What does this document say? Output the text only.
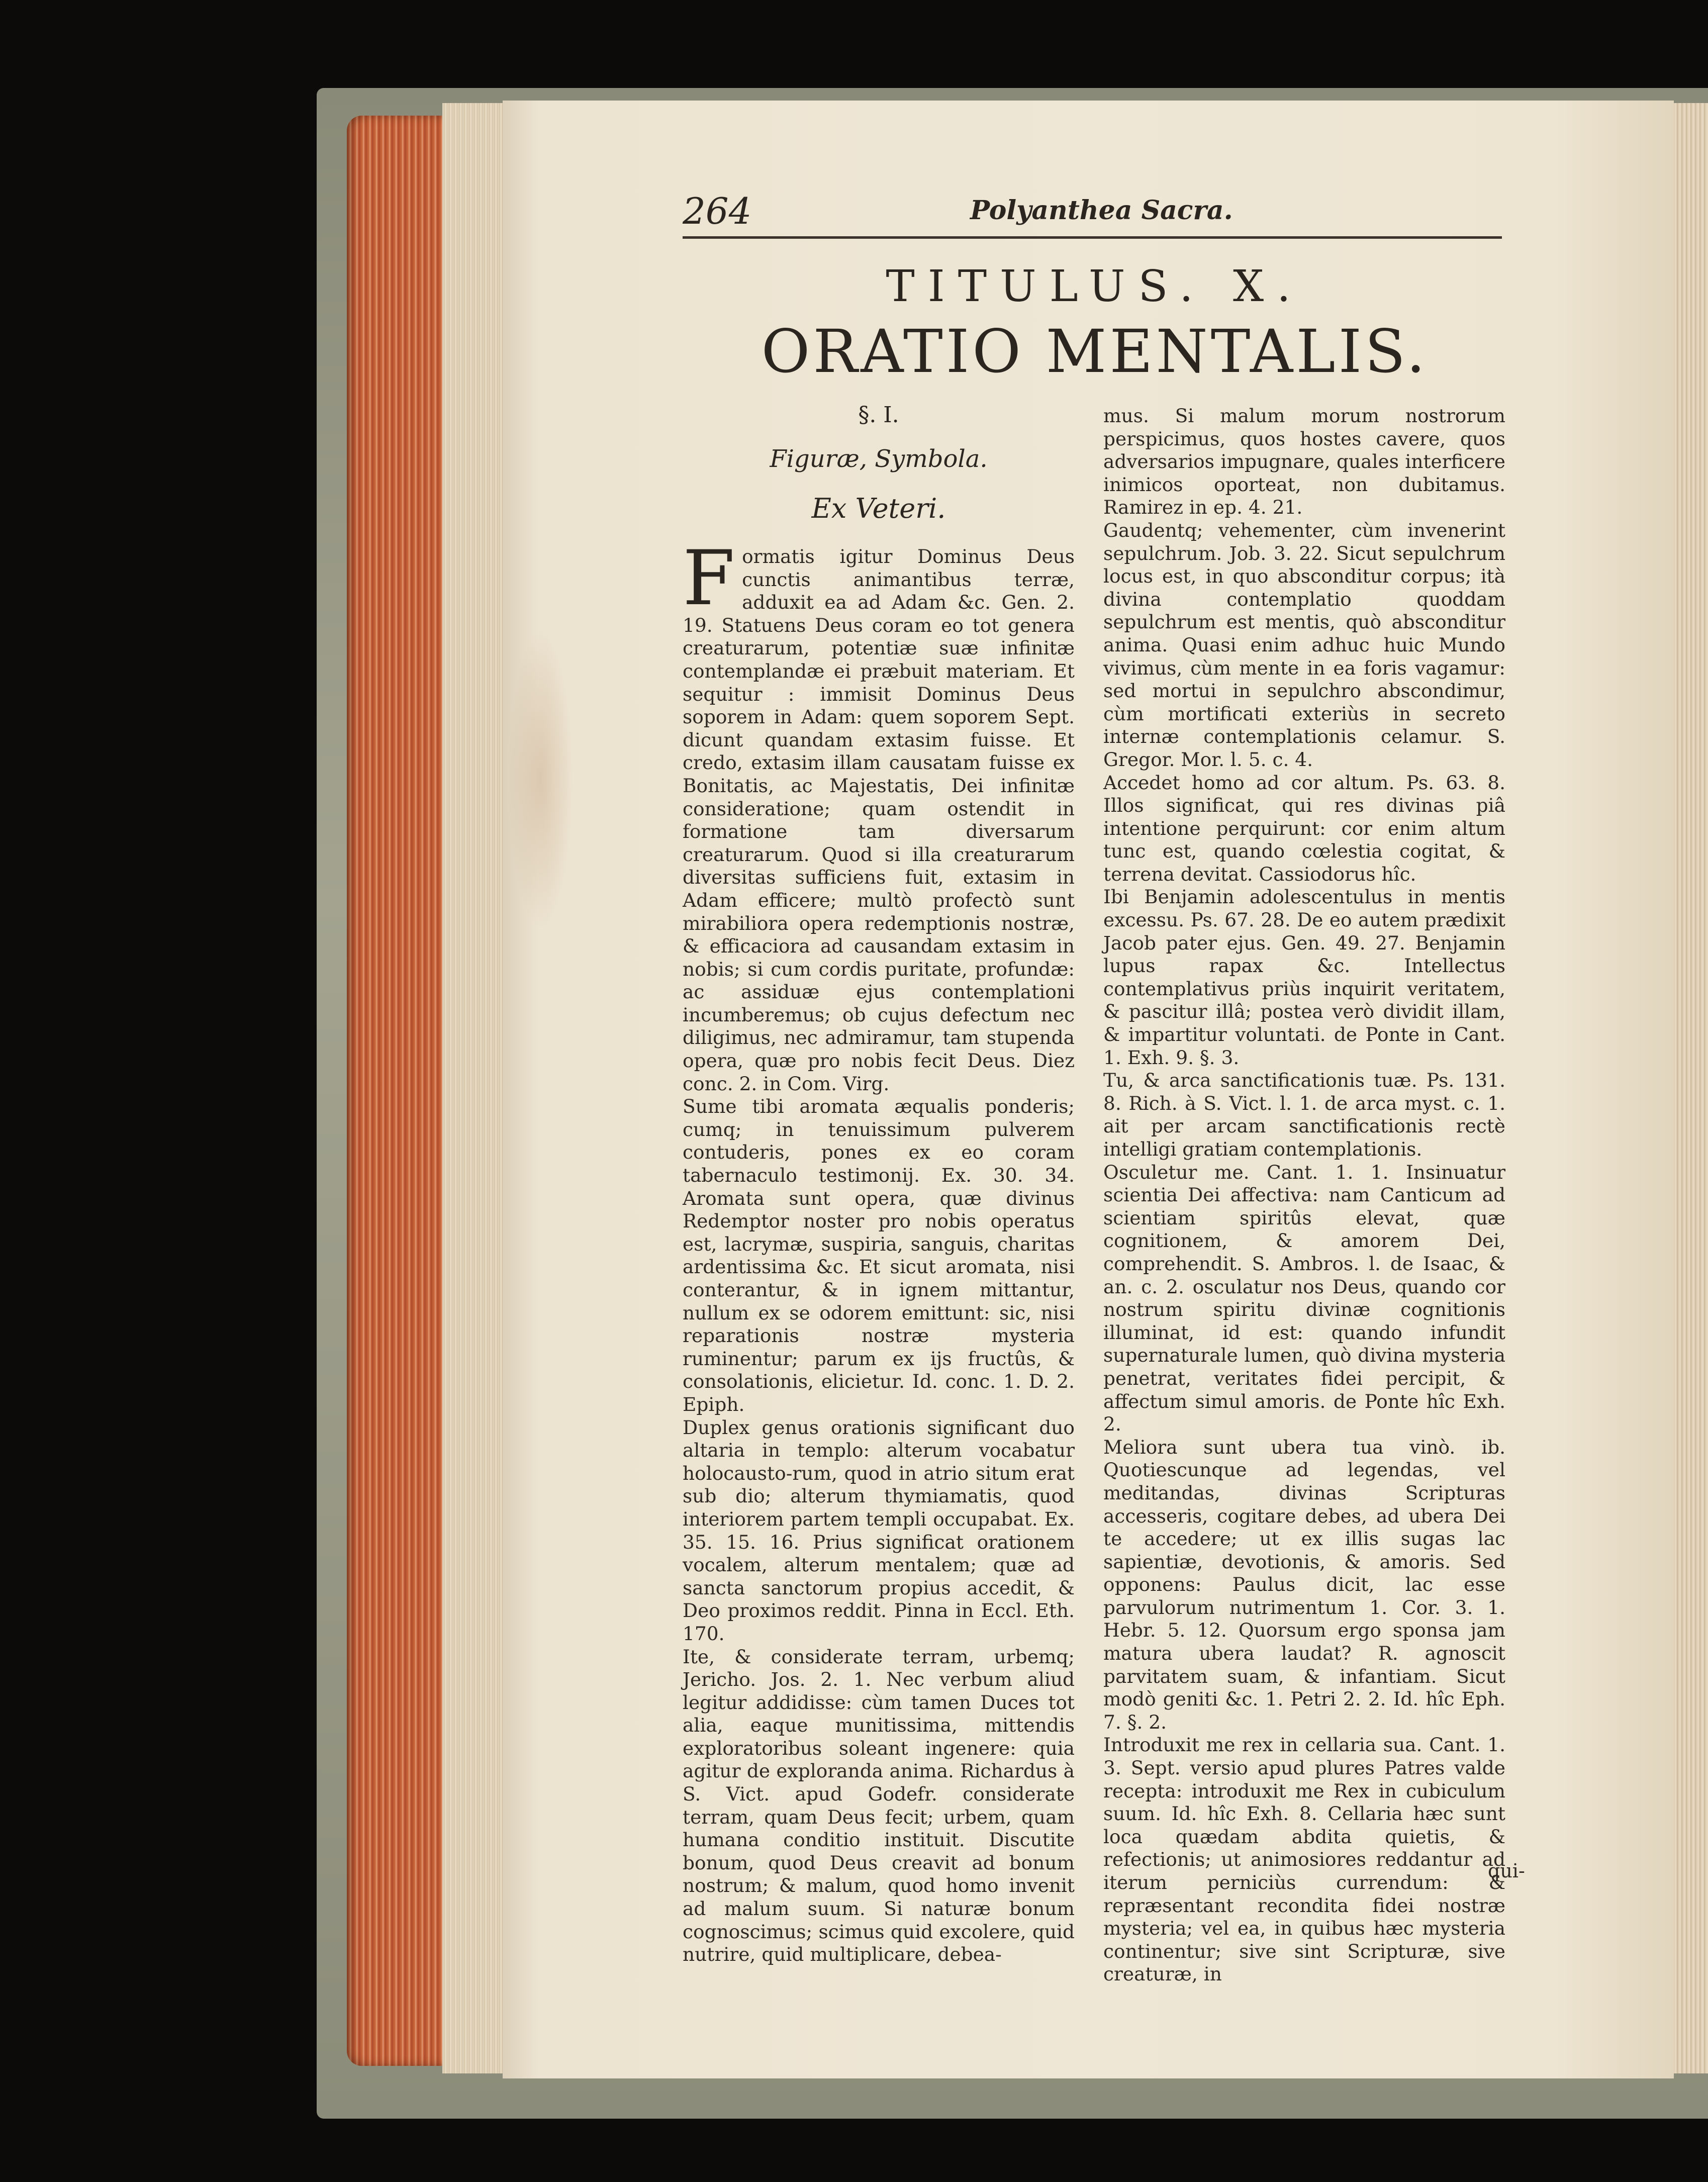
264	Polyanthea Sacra.
TITULUS. X.
ORATIO MENTALIS.
§. I.
Figuræ, Symbola.
Ex Veteri.

Formatis igitur Dominus Deus cunctis animantibus terræ, adduxit ea ad Adam &c. Gen. 2. 19. Statuens Deus coram eo tot genera creaturarum, potentiæ suæ infinitæ contemplandæ ei præbuit materiam. Et sequitur : immisit Dominus Deus soporem in Adam: quem soporem Sept. dicunt quandam extasim fuisse. Et credo, extasim illam causatam fuisse ex Bonitatis, ac Majestatis, Dei infinitæ consideratione; quam ostendit in formatione tam diversarum creaturarum. Quod si illa creaturarum diversitas sufficiens fuit, extasim in Adam efficere; multò profectò sunt mirabiliora opera redemptionis nostræ, & efficaciora ad causandam extasim in nobis; si cum cordis puritate, profundæ: ac assiduæ ejus contemplationi incumberemus; ob cujus defectum nec diligimus, nec admiramur, tam stupenda opera, quæ pro nobis fecit Deus. Diez conc. 2. in Com. Virg.

Sume tibi aromata æqualis ponderis; cumq; in tenuissimum pulverem contuderis, pones ex eo coram tabernaculo testimonij. Ex. 30. 34. Aromata sunt opera, quæ divinus Redemptor noster pro nobis operatus est, lacrymæ, suspiria, sanguis, charitas ardentissima &c. Et sicut aromata, nisi conterantur, & in ignem mittantur, nullum ex se odorem emittunt: sic, nisi reparationis nostræ mysteria ruminentur; parum ex ijs fructûs, & consolationis, elicietur. Id. conc. 1. D. 2. Epiph.

Duplex genus orationis significant duo altaria in templo: alterum vocabatur holocausto-rum, quod in atrio situm erat sub dio; alterum thymiamatis, quod interiorem partem templi occupabat. Ex. 35. 15. 16. Prius significat orationem vocalem, alterum mentalem; quæ ad sancta sanctorum propius accedit, & Deo proximos reddit. Pinna in Eccl. Eth. 170.

Ite, & considerate terram, urbemq; Jericho. Jos. 2. 1. Nec verbum aliud legitur addidisse: cùm tamen Duces tot alia, eaque munitissima, mittendis exploratoribus soleant ingenere: quia agitur de exploranda anima. Richardus à S. Vict. apud Godefr. considerate terram, quam Deus fecit; urbem, quam humana conditio instituit. Discutite bonum, quod Deus creavit ad bonum nostrum; & malum, quod homo invenit ad malum suum. Si naturæ bonum cognoscimus; scimus quid excolere, quid nutrire, quid multiplicare, debea-

mus. Si malum morum nostrorum perspicimus, quos hostes cavere, quos adversarios impugnare, quales interficere inimicos oporteat, non dubitamus. Ramirez in ep. 4. 21.

Gaudentq; vehementer, cùm invenerint sepulchrum. Job. 3. 22. Sicut sepulchrum locus est, in quo absconditur corpus; ità divina contemplatio quoddam sepulchrum est mentis, quò absconditur anima. Quasi enim adhuc huic Mundo vivimus, cùm mente in ea foris vagamur: sed mortui in sepulchro abscondimur, cùm mortificati exteriùs in secreto internæ contemplationis celamur. S. Gregor. Mor. l. 5. c. 4.

Accedet homo ad cor altum. Ps. 63. 8. Illos significat, qui res divinas piâ intentione perquirunt: cor enim altum tunc est, quando cœlestia cogitat, & terrena devitat. Cassiodorus hîc.

Ibi Benjamin adolescentulus in mentis excessu. Ps. 67. 28. De eo autem prædixit Jacob pater ejus. Gen. 49. 27. Benjamin lupus rapax &c. Intellectus contemplativus priùs inquirit veritatem, & pascitur illâ; postea verò dividit illam, & impartitur voluntati. de Ponte in Cant. 1. Exh. 9. §. 3.

Tu, & arca sanctificationis tuæ. Ps. 131. 8. Rich. à S. Vict. l. 1. de arca myst. c. 1. ait per arcam sanctificationis rectè intelligi gratiam contemplationis.

Osculetur me. Cant. 1. 1. Insinuatur scientia Dei affectiva: nam Canticum ad scientiam spiritûs elevat, quæ cognitionem, & amorem Dei, comprehendit. S. Ambros. l. de Isaac, & an. c. 2. osculatur nos Deus, quando cor nostrum spiritu divinæ cognitionis illuminat, id est: quando infundit supernaturale lumen, quò divina mysteria penetrat, veritates fidei percipit, & affectum simul amoris. de Ponte hîc Exh. 2.

Meliora sunt ubera tua vinò. ib. Quotiescunque ad legendas, vel meditandas, divinas Scripturas accesseris, cogitare debes, ad ubera Dei te accedere; ut ex illis sugas lac sapientiæ, devotionis, & amoris. Sed opponens: Paulus dicit, lac esse parvulorum nutrimentum 1. Cor. 3. 1. Hebr. 5. 12. Quorsum ergo sponsa jam matura ubera laudat? R. agnoscit parvitatem suam, & infantiam. Sicut modò geniti &c. 1. Petri 2. 2. Id. hîc Eph. 7. §. 2.

Introduxit me rex in cellaria sua. Cant. 1. 3. Sept. versio apud plures Patres valde recepta: introduxit me Rex in cubiculum suum. Id. hîc Exh. 8. Cellaria hæc sunt loca quædam abdita quietis, & refectionis; ut animosiores reddantur ad iterum perniciùs currendum: & repræsentant recondita fidei nostræ mysteria; vel ea, in quibus hæc mysteria continentur; sive sint Scripturæ, sive creaturæ, in

qui-
